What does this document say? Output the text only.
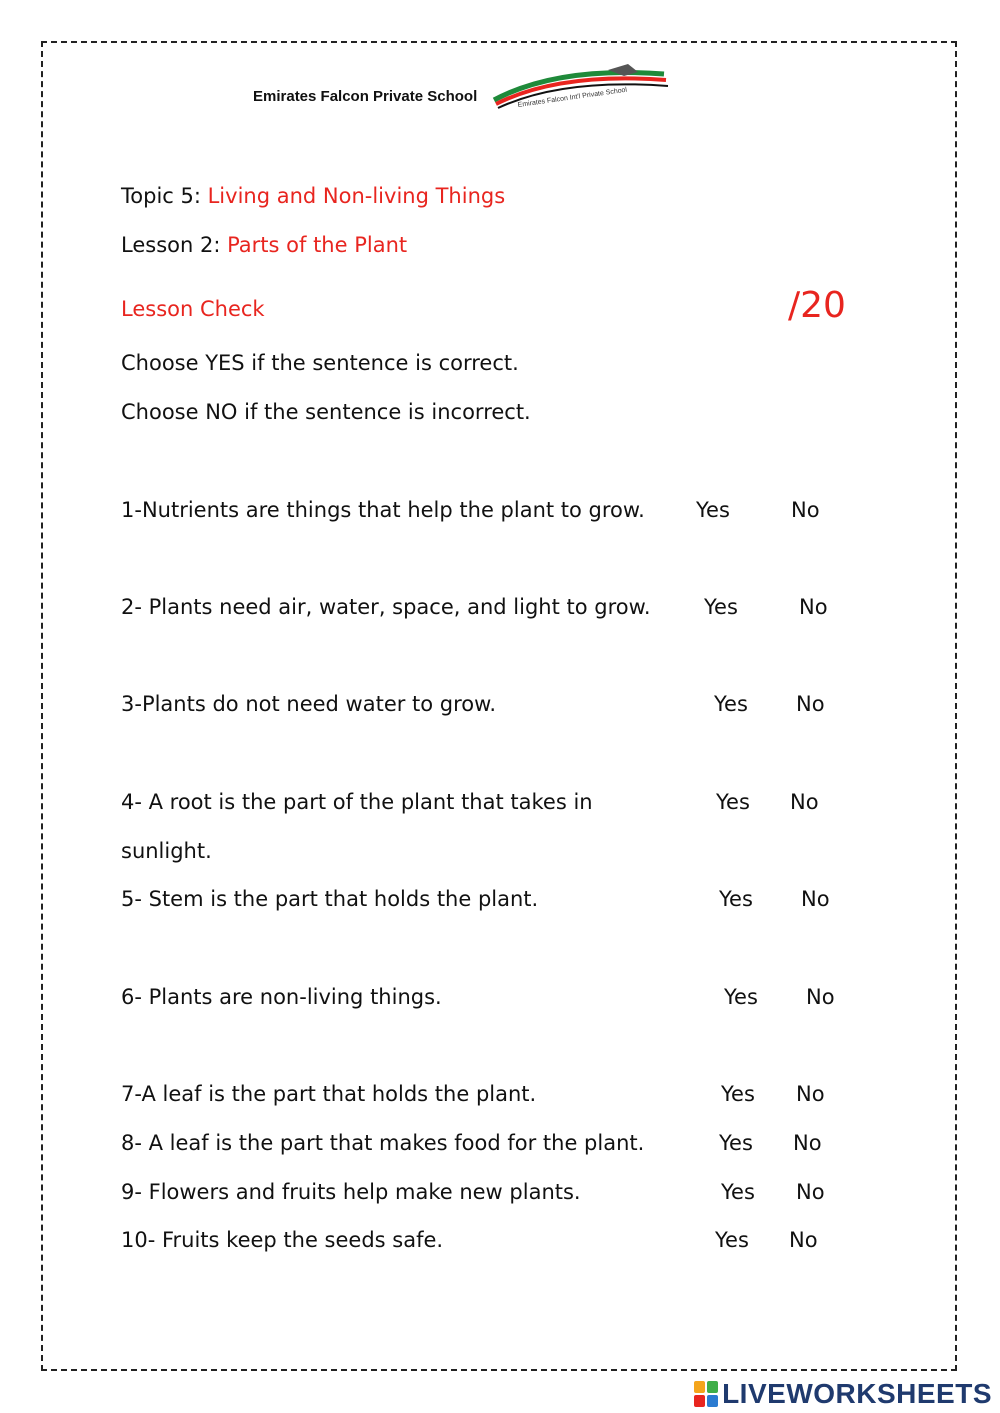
Emirates Falcon Private School	Emirates Falcon Int'l Private School
Topic 5: Living and Non-living Things
Lesson 2: Parts of the Plant
Lesson Check	/20
Choose YES if the sentence is correct.
Choose NO if the sentence is incorrect.
1-Nutrients are things that help the plant to grow. Yes	No
2- Plants need air, water, space, and light to grow.	Yes	No
3-Plants do not need water to grow.	Yes No
4- A root is the part of the plant that takes in
sunlight.
Yes No
5- Stem is the part that holds the plant.	Yes No
6- Plants are non-living things.	Yes No
7-A leaf is the part that holds the plant.	Yes No
8- A leaf is the part that makes food for the plant.	Yes No
9- Flowers and fruits help make new plants.	Yes No
10- Fruits keep the seeds safe.	Yes No
LIVEWORKSHEETS
